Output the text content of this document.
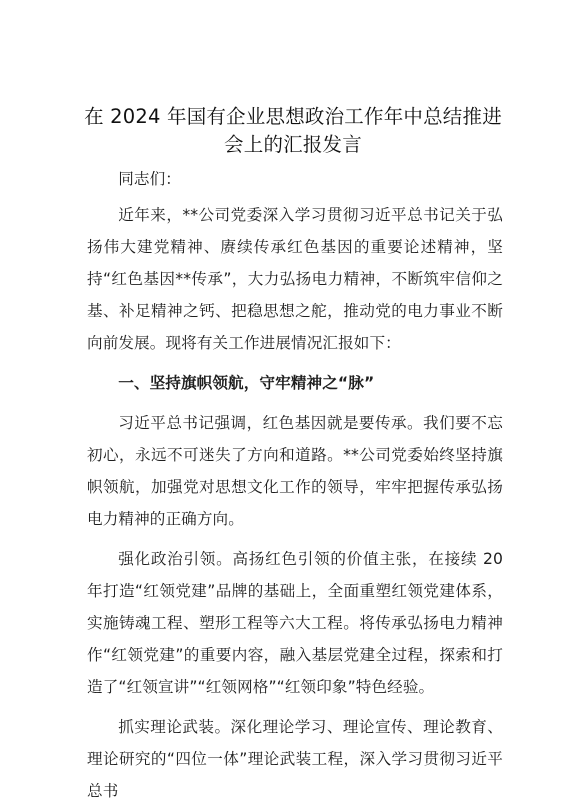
在 2024 年国有企业思想政治工作年中总结推进
会上的汇报发言

同志们：

近年来，**公司党委深入学习贯彻习近平总书记关于弘扬伟大建党精神、赓续传承红色基因的重要论述精神，坚持“红色基因**传承”，大力弘扬电力精神，不断筑牢信仰之基、补足精神之钙、把稳思想之舵，推动党的电力事业不断向前发展。现将有关工作进展情况汇报如下：

一、坚持旗帜领航，守牢精神之“脉”

习近平总书记强调，红色基因就是要传承。我们要不忘初心，永远不可迷失了方向和道路。**公司党委始终坚持旗帜领航，加强党对思想文化工作的领导，牢牢把握传承弘扬电力精神的正确方向。

强化政治引领。高扬红色引领的价值主张，在接续 20 年打造“红领党建”品牌的基础上，全面重塑红领党建体系，实施铸魂工程、塑形工程等六大工程。将传承弘扬电力精神作“红领党建”的重要内容，融入基层党建全过程，探索和打造了“红领宣讲”“红领网格”“红领印象”特色经验。

抓实理论武装。深化理论学习、理论宣传、理论教育、理论研究的“四位一体”理论武装工程，深入学习贯彻习近平总书
